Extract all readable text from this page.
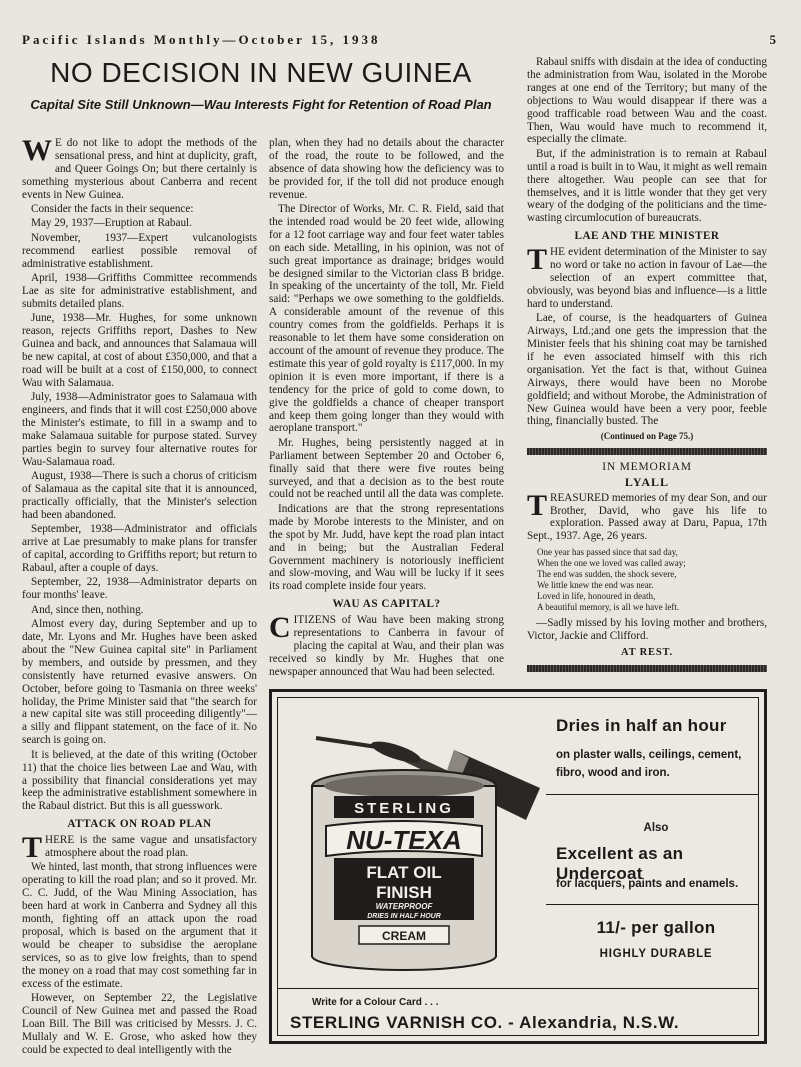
Pacific Islands Monthly—October 15, 1938	5
NO DECISION IN NEW GUINEA
Capital Site Still Unknown—Wau Interests Fight for Retention of Road Plan

W E do not like to adopt the methods of the sensational press, and hint at duplicity, graft, and Queer Goings On; but there certainly is something mysterious about Canberra and recent events in New Guinea.

Consider the facts in their sequence:

May 29, 1937—Eruption at Rabaul.

November, 1937—Expert vulcanologists recommend earliest possible removal of administrative establishment.

April, 1938—Griffiths Committee recommends Lae as site for administrative establishment, and submits detailed plans.

June, 1938—Mr. Hughes, for some unknown reason, rejects Griffiths report, Dashes to New Guinea and back, and announces that Salamaua will be new capital, at cost of about £350,000, and that a road will be built at a cost of £150,000, to connect Wau with Salamaua.

July, 1938—Administrator goes to Salamaua with engineers, and finds that it will cost £250,000 above the Minister's estimate, to fill in a swamp and to make Salamaua suitable for purpose stated. Survey parties begin to survey four alternative routes for Wau-Salamaua road.

August, 1938—There is such a chorus of criticism of Salamaua as the capital site that it is announced, practically officially, that the Minister's selection had been abandoned.

September, 1938—Administrator and officials arrive at Lae presumably to make plans for transfer of capital, according to Griffiths report; but return to Rabaul, after a couple of days.

September, 22, 1938—Administrator departs on four months' leave.

And, since then, nothing.

Almost every day, during September and up to date, Mr. Lyons and Mr. Hughes have been asked about the "New Guinea capital site" in Parliament by members, and outside by pressmen, and they consistently have returned evasive answers. On October, before going to Tasmania on three weeks' holiday, the Prime Minister said that "the search for a new capital site was still proceeding diligently"—a silly and flippant statement, on the face of it. No search is going on.

It is believed, at the date of this writing (October 11) that the choice lies between Lae and Wau, with a possibility that financial considerations yet may keep the administrative establishment somewhere in the Rabaul district. But this is all guesswork.

ATTACK ON ROAD PLAN

THERE is the same vague and unsatisfactory atmosphere about the road plan.

We hinted, last month, that strong influences were operating to kill the road plan; and so it proved. Mr. C. C. Judd, of the Wau Mining Association, has been hard at work in Canberra and Sydney all this month, fighting off an attack upon the road proposal, which is based on the argument that it would be cheaper to subsidise the aeroplane services, so as to give low freights, than to spend the money on a road that may cost something far in excess of the estimate.

However, on September 22, the Legislative Council of New Guinea met and passed the Road Loan Bill. The Bill was criticised by Messrs. J. C. Mullaly and W. E. Grose, who asked how they could be expected to deal intelligently with the

plan, when they had no details about the character of the road, the route to be followed, and the absence of data showing how the deficiency was to be provided for, if the toll did not produce enough revenue.

The Director of Works, Mr. C. R. Field, said that the intended road would be 20 feet wide, allowing for a 12 foot carriage way and four feet water tables on each side. Metalling, in his opinion, was not of such great importance as drainage; bridges would be designed similar to the Victorian class B bridge. In speaking of the uncertainty of the toll, Mr. Field said: "Perhaps we owe something to the goldfields. A considerable amount of the revenue of this country comes from the goldfields. Perhaps it is reasonable to let them have some consideration on account of the amount of revenue they produce. The estimate this year of gold royalty is £117,000. In my opinion it is even more important, if there is a tendency for the price of gold to come down, to give the goldfields a chance of cheaper transport and keep them going longer than they would with aeroplane transport."

Mr. Hughes, being persistently nagged at in Parliament between September 20 and October 6, finally said that there were five routes being surveyed, and that a decision as to the best route could not be reached until all the data was complete.

Indications are that the strong representations made by Morobe interests to the Minister, and on the spot by Mr. Judd, have kept the road plan intact and in being; but the Australian Federal Government machinery is notoriously inefficient and slow-moving, and Wau will be lucky if it sees its road complete inside four years.

WAU AS CAPITAL?

CITIZENS of Wau have been making strong representations to Canberra in favour of placing the capital at Wau, and their plan was received so kindly by Mr. Hughes that one newspaper announced that Wau had been selected.

Rabaul sniffs with disdain at the idea of conducting the administration from Wau, isolated in the Morobe ranges at one end of the Territory; but many of the objections to Wau would disappear if there was a good trafficable road between Wau and the coast. Then, Wau would have much to recommend it, especially the climate.

But, if the administration is to remain at Rabaul until a road is built in to Wau, it might as well remain there altogether. Wau people can see that for themselves, and it is little wonder that they get very weary of the dodging of the politicians and the time-wasting circumlocution of bureaucrats.

LAE AND THE MINISTER

THE evident determination of the Minister to say no word or take no action in favour of Lae—the selection of an expert committee that, obviously, was beyond bias and influence—is a little hard to understand.

Lae, of course, is the headquarters of Guinea Airways, Ltd.;and one gets the impression that the Minister feels that his shining coat may be tarnished if he even associated himself with this rich organisation. Yet the fact is that, without Guinea Airways, there would have been no Morobe goldfield; and without Morobe, the Administration of New Guinea would have been a very poor, feeble thing, financially busted. The

(Continued on Page 75.)

IN MEMORIAM
LYALL

TREASURED memories of my dear Son, and our Brother, David, who gave his life to exploration. Passed away at Daru, Papua, 17th Sept., 1937. Age, 26 years.

One year has passed since that sad day,
When the one we loved was called away;
The end was sudden, the shock severe,
We little knew the end was near.
Loved in life, honoured in death,
A beautiful memory, is all we have left.

—Sadly missed by his loving mother and brothers, Victor, Jackie and Clifford.

AT REST.
STERLING
NU-TEXA
FLAT OIL
FINISH
WATERPROOF
DRIES IN HALF HOUR
CREAM
Dries in half an hour
on plaster walls, ceilings, cement, fibro, wood and iron.
Also
Excellent as an Undercoat
for lacquers, paints and enamels.
11/- per gallon
HIGHLY DURABLE
Write for a Colour Card . . .
STERLING VARNISH CO. - Alexandria, N.S.W.
